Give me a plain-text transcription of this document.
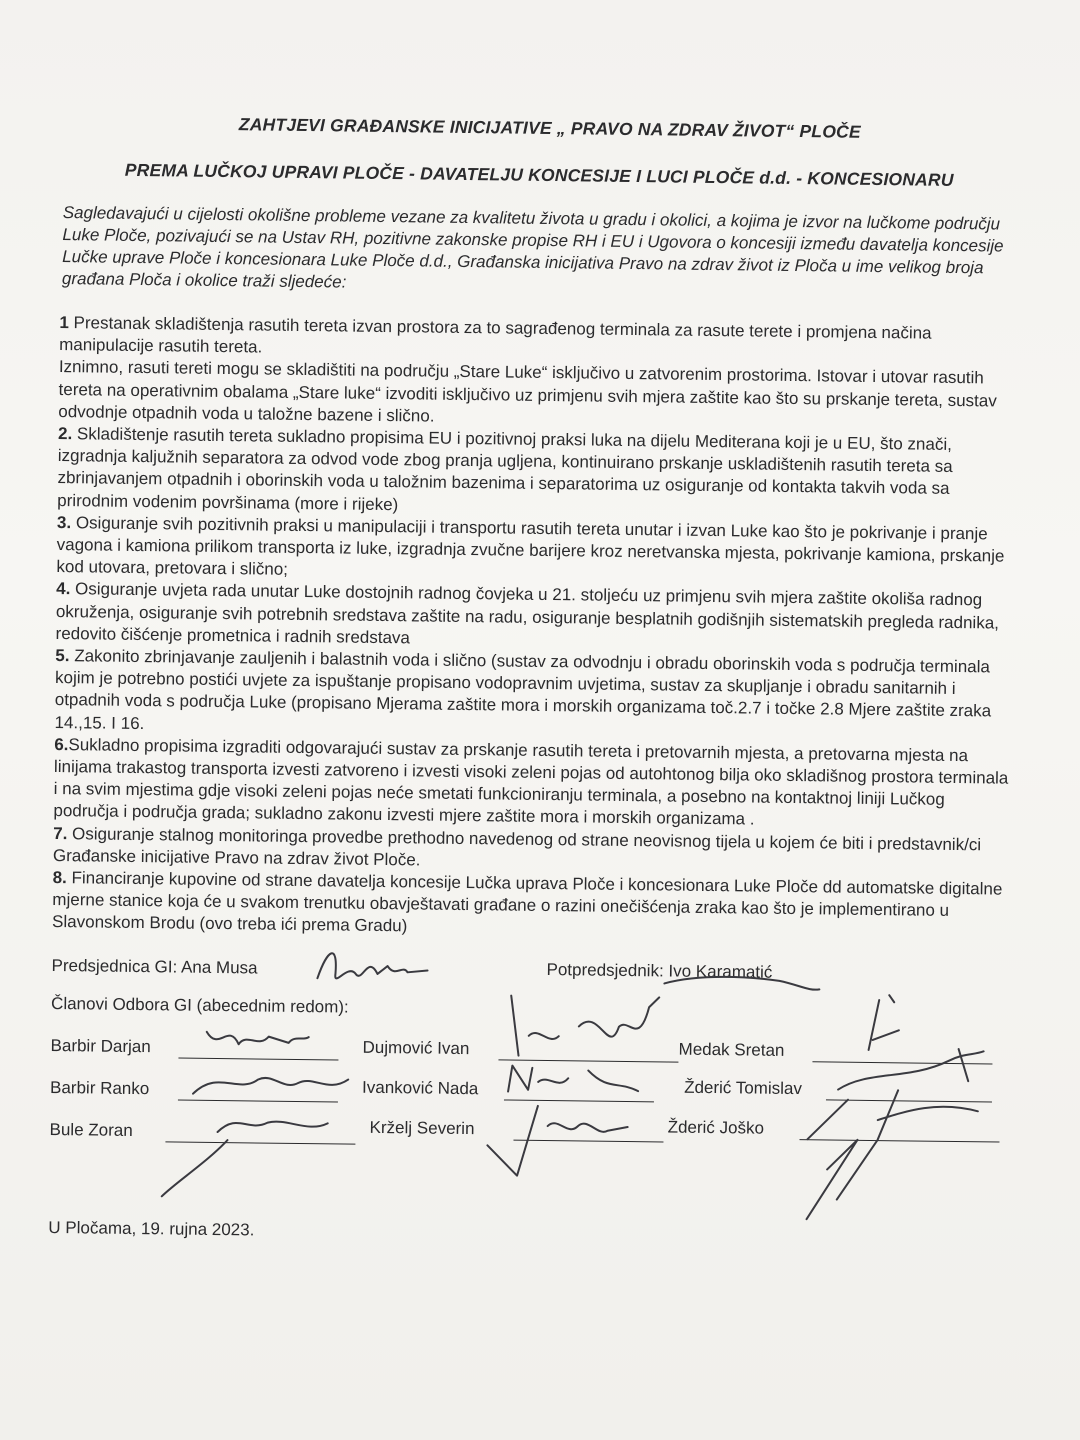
ZAHTJEVI GRAĐANSKE INICIJATIVE „ PRAVO NA ZDRAV ŽIVOT“ PLOČE

PREMA LUČKOJ UPRAVI PLOČE - DAVATELJU KONCESIJE I LUCI PLOČE d.d. - KONCESIONARU

Sagledavajući u cijelosti okolišne probleme vezane za kvalitetu života u gradu i okolici, a kojima je izvor na lučkome području Luke Ploče, pozivajući se na Ustav RH, pozitivne zakonske propise RH i EU i Ugovora o koncesiji između davatelja koncesije Lučke uprave Ploče i koncesionara Luke Ploče d.d., Građanska inicijativa Pravo na zdrav život iz Ploča u ime velikog broja građana Ploča i okolice traži sljedeće:

1 Prestanak skladištenja rasutih tereta izvan prostora za to sagrađenog terminala za rasute terete i promjena načina manipulacije rasutih tereta.

Iznimno, rasuti tereti mogu se skladištiti na području „Stare Luke“ isključivo u zatvorenim prostorima. Istovar i utovar rasutih tereta na operativnim obalama „Stare luke“ izvoditi isključivo uz primjenu svih mjera zaštite kao što su prskanje tereta, sustav odvodnje otpadnih voda u taložne bazene i slično.

2. Skladištenje rasutih tereta sukladno propisima EU i pozitivnoj praksi luka na dijelu Mediterana koji je u EU, što znači, izgradnja kaljužnih separatora za odvod vode zbog pranja ugljena, kontinuirano prskanje uskladištenih rasutih tereta sa zbrinjavanjem otpadnih i oborinskih voda u taložnim bazenima i separatorima uz osiguranje od kontakta takvih voda sa prirodnim vodenim površinama (more i rijeke)

3. Osiguranje svih pozitivnih praksi u manipulaciji i transportu rasutih tereta unutar i izvan Luke kao što je pokrivanje i pranje vagona i kamiona prilikom transporta iz luke, izgradnja zvučne barijere kroz neretvanska mjesta, pokrivanje kamiona, prskanje kod utovara, pretovara i slično;

4. Osiguranje uvjeta rada unutar Luke dostojnih radnog čovjeka u 21. stoljeću uz primjenu svih mjera zaštite okoliša radnog okruženja, osiguranje svih potrebnih sredstava zaštite na radu, osiguranje besplatnih godišnjih sistematskih pregleda radnika, redovito čišćenje prometnica i radnih sredstava

5. Zakonito zbrinjavanje zauljenih i balastnih voda i slično (sustav za odvodnju i obradu oborinskih voda s područja terminala kojim je potrebno postići uvjete za ispuštanje propisano vodopravnim uvjetima, sustav za skupljanje i obradu sanitarnih i otpadnih voda s područja Luke (propisano Mjerama zaštite mora i morskih organizama toč.2.7 i točke 2.8 Mjere zaštite zraka 14.,15. I 16.

6.Sukladno propisima izgraditi odgovarajući sustav za prskanje rasutih tereta i pretovarnih mjesta, a pretovarna mjesta na linijama trakastog transporta izvesti zatvoreno i izvesti visoki zeleni pojas od autohtonog bilja oko skladišnog prostora terminala i na svim mjestima gdje visoki zeleni pojas neće smetati funkcioniranju terminala, a posebno na kontaktnoj liniji Lučkog područja i područja grada; sukladno zakonu izvesti mjere zaštite mora i morskih organizama .

7. Osiguranje stalnog monitoringa provedbe prethodno navedenog od strane neovisnog tijela u kojem će biti i predstavnik/ci Građanske inicijative Pravo na zdrav život Ploče.

8. Financiranje kupovine od strane davatelja koncesije Lučka uprava Ploče i koncesionara Luke Ploče dd automatske digitalne mjerne stanice koja će u svakom trenutku obavještavati građane o razini onečišćenja zraka kao što je implementirano u Slavonskom Brodu (ovo treba ići prema Gradu)

Predsjednica GI: Ana Musa	Potpredsjednik: Ivo Karamatić
Članovi Odbora GI (abecednim redom):
Barbir Darjan	Dujmović Ivan	Medak Sretan
Barbir Ranko	Ivanković Nada	Žderić Tomislav
Bule Zoran	Krželj Severin	Žderić Joško
U Pločama, 19. rujna 2023.
